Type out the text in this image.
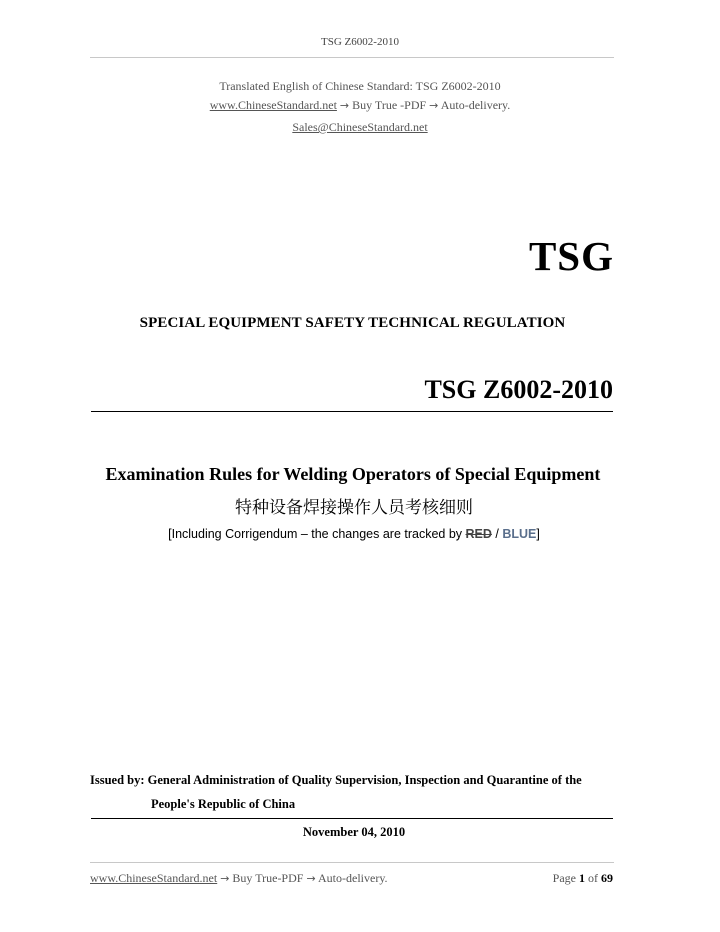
TSG Z6002-2010
Translated English of Chinese Standard: TSG Z6002-2010
www.ChineseStandard.net → Buy True -PDF → Auto-delivery.
Sales@ChineseStandard.net
TSG
SPECIAL EQUIPMENT SAFETY TECHNICAL REGULATION
TSG Z6002-2010
Examination Rules for Welding Operators of Special Equipment
特种设备焊接操作人员考核细则
[Including Corrigendum – the changes are tracked by RED / BLUE]
Issued by: General Administration of Quality Supervision, Inspection and Quarantine of the
People's Republic of China
November 04, 2010
www.ChineseStandard.net → Buy True-PDF → Auto-delivery.	Page 1 of 69
